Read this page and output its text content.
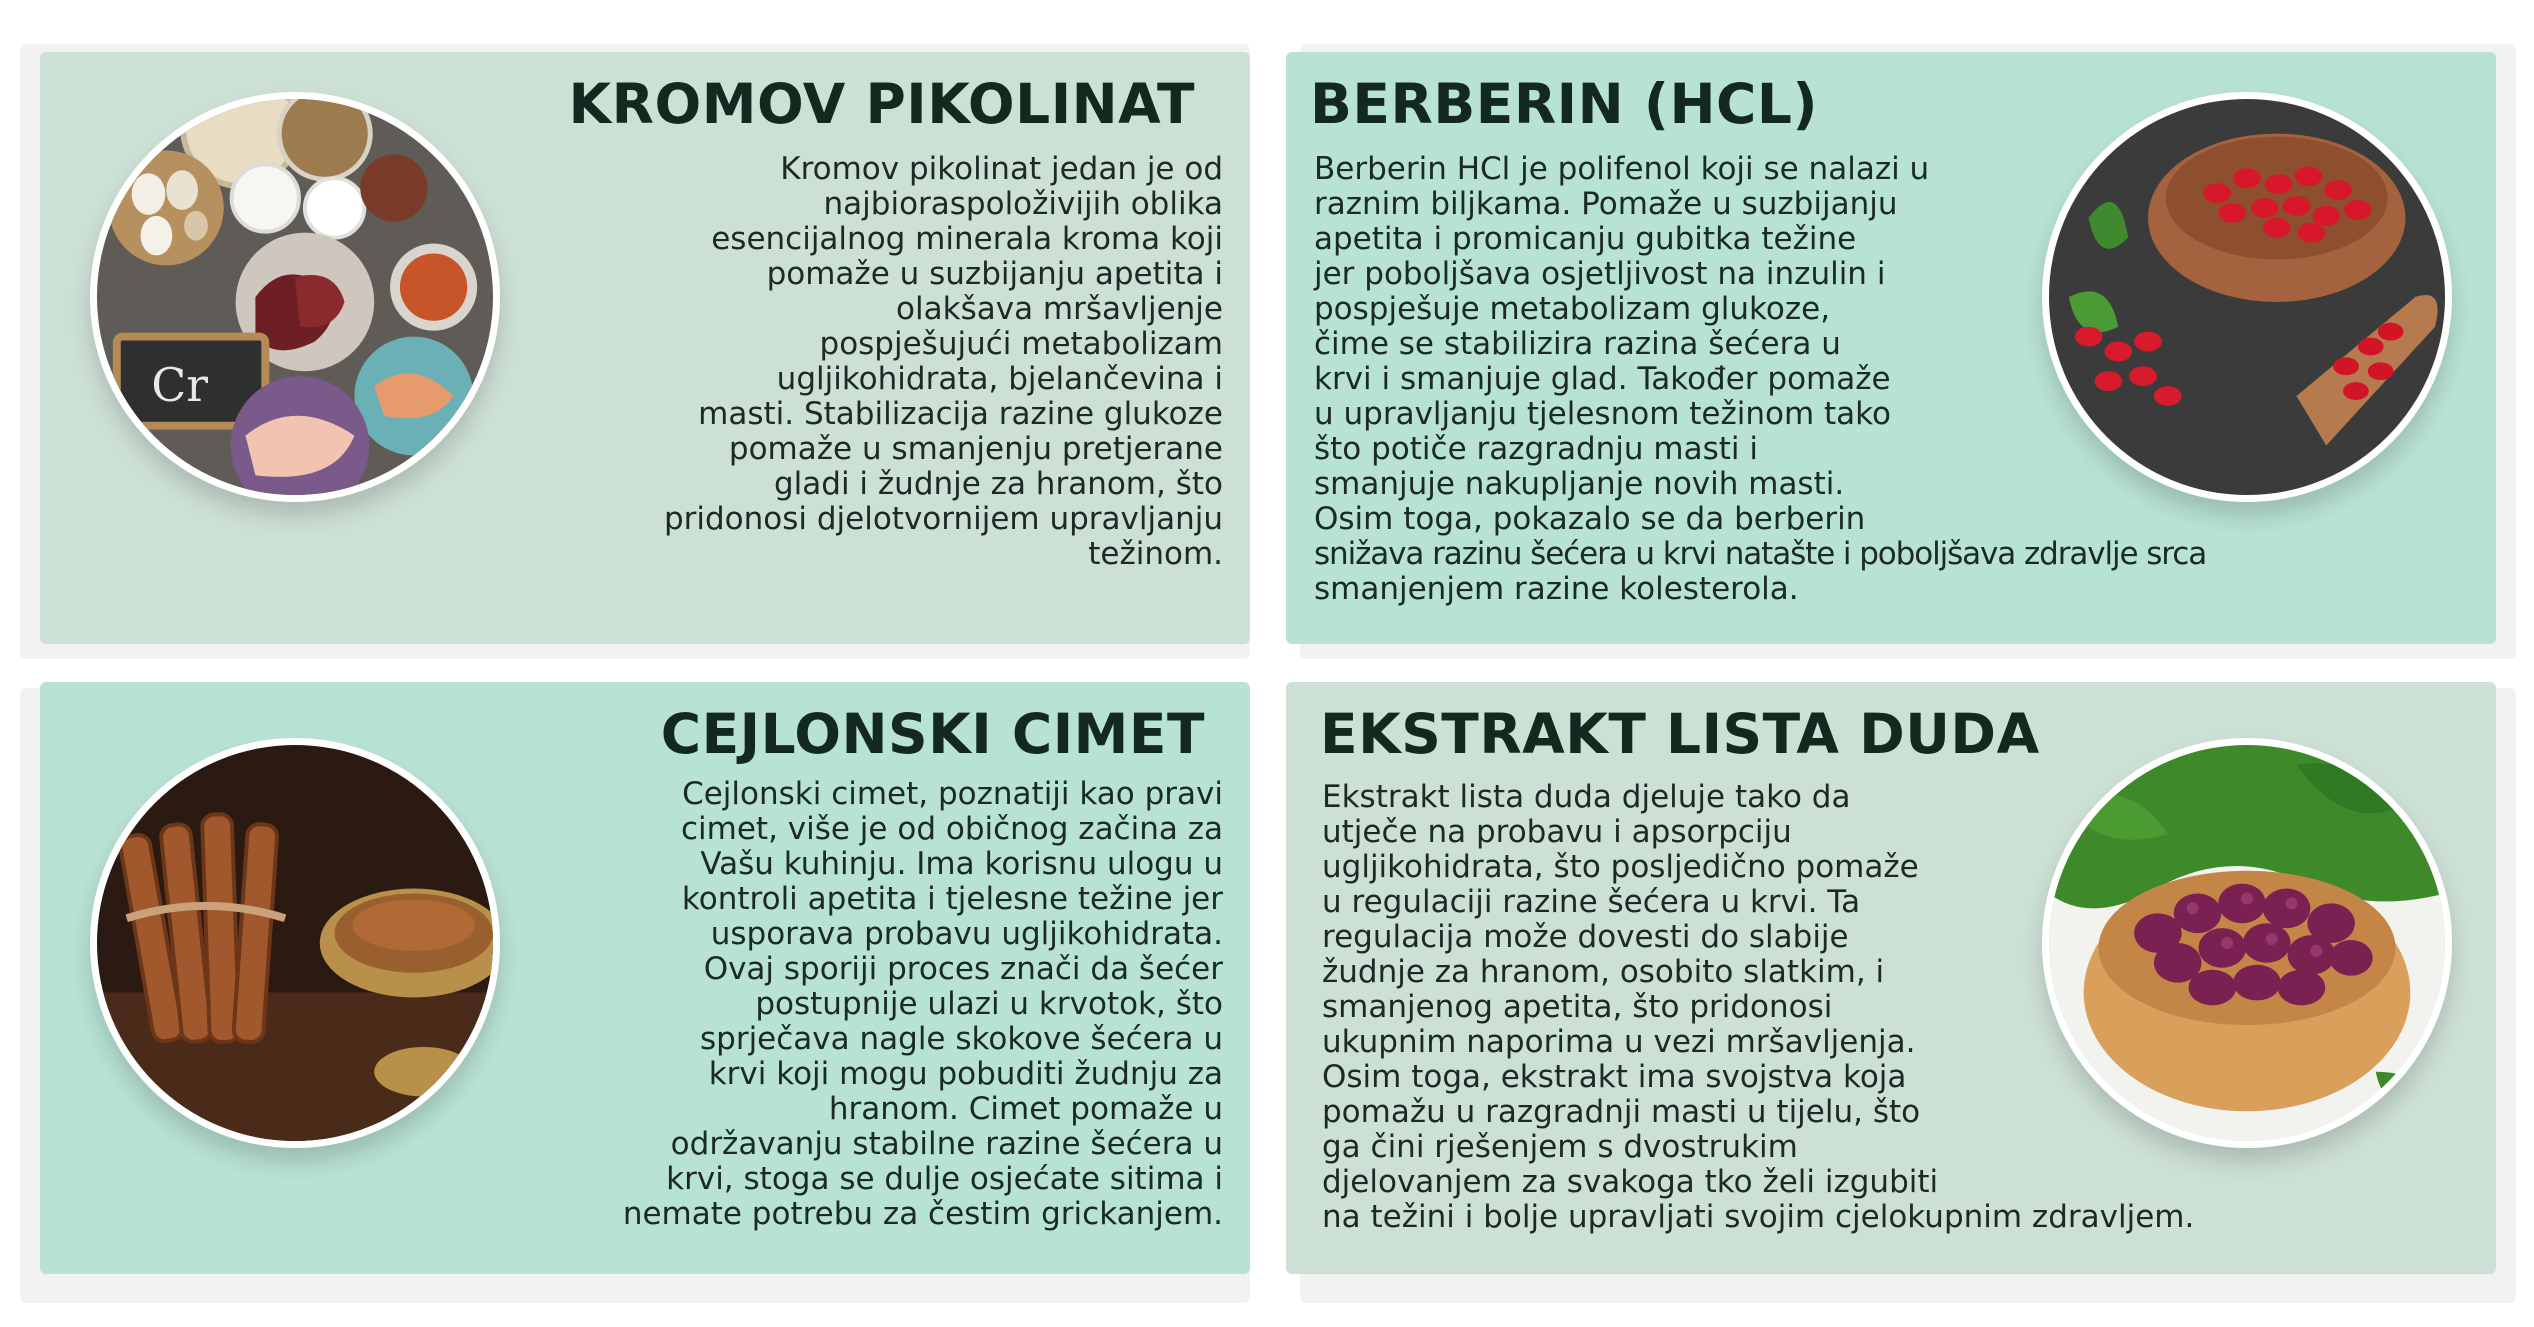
Cr
KROMOV PIKOLINAT
Kromov pikolinat jedan je od
najbioraspoloživijih oblika
esencijalnog minerala kroma koji
pomaže u suzbijanju apetita i
olakšava mršavljenje
pospješujući metabolizam
ugljikohidrata, bjelančevina i
masti. Stabilizacija razine glukoze
pomaže u smanjenju pretjerane
gladi i žudnje za hranom, što
pridonosi djelotvornijem upravljanju
težinom.
BERBERIN (HCL)
Berberin HCl je polifenol koji se nalazi u
raznim biljkama. Pomaže u suzbijanju
apetita i promicanju gubitka težine
jer poboljšava osjetljivost na inzulin i
pospješuje metabolizam glukoze,
čime se stabilizira razina šećera u
krvi i smanjuje glad. Također pomaže
u upravljanju tjelesnom težinom tako
što potiče razgradnju masti i
smanjuje nakupljanje novih masti.
Osim toga, pokazalo se da berberin
snižava razinu šećera u krvi natašte i poboljšava zdravlje srca
smanjenjem razine kolesterola.
CEJLONSKI CIMET
Cejlonski cimet, poznatiji kao pravi
cimet, više je od običnog začina za
Vašu kuhinju. Ima korisnu ulogu u
kontroli apetita i tjelesne težine jer
usporava probavu ugljikohidrata.
Ovaj sporiji proces znači da šećer
postupnije ulazi u krvotok, što
sprječava nagle skokove šećera u
krvi koji mogu pobuditi žudnju za
hranom. Cimet pomaže u
održavanju stabilne razine šećera u
krvi, stoga se dulje osjećate sitima i
nemate potrebu za čestim grickanjem.
EKSTRAKT LISTA DUDA
Ekstrakt lista duda djeluje tako da
utječe na probavu i apsorpciju
ugljikohidrata, što posljedično pomaže
u regulaciji razine šećera u krvi. Ta
regulacija može dovesti do slabije
žudnje za hranom, osobito slatkim, i
smanjenog apetita, što pridonosi
ukupnim naporima u vezi mršavljenja.
Osim toga, ekstrakt ima svojstva koja
pomažu u razgradnji masti u tijelu, što
ga čini rješenjem s dvostrukim
djelovanjem za svakoga tko želi izgubiti
na težini i bolje upravljati svojim cjelokupnim zdravljem.
